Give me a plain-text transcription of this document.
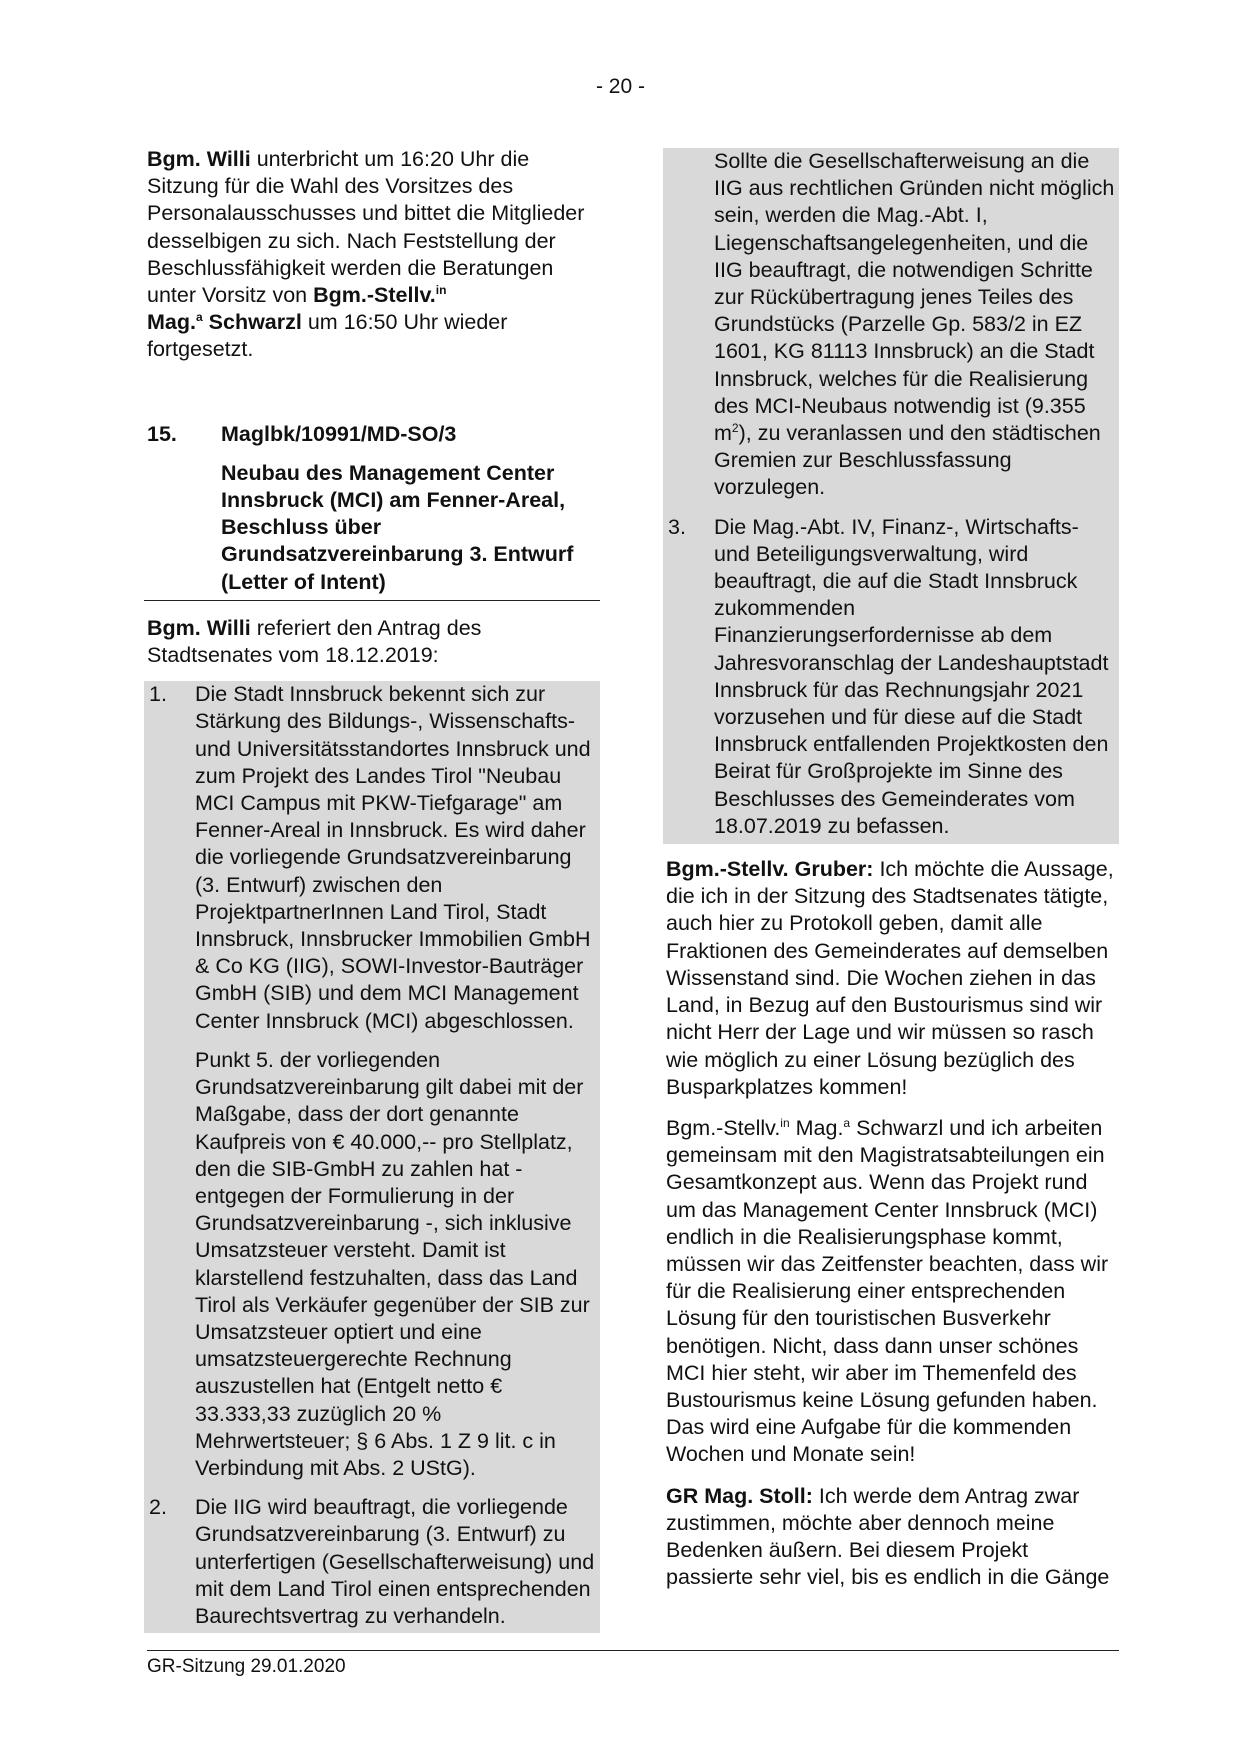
- 20 -

Bgm. Willi unterbricht um 16:20 Uhr die Sitzung für die Wahl des Vorsitzes des Personalausschusses und bittet die Mitglieder desselbigen zu sich. Nach Feststellung der Beschlussfähigkeit werden die Beratungen unter Vorsitz von Bgm.-Stellv.$^{in}$
Mag.$^a$ Schwarzl um 16:50 Uhr wieder fortgesetzt.

15. Maglbk/10991/MD-SO/3
Neubau des Management Center Innsbruck (MCI) am Fenner-Areal, Beschluss über Grundsatzvereinbarung 3. Entwurf (Letter of Intent)

Bgm. Willi referiert den Antrag des Stadtsenates vom 18.12.2019:

1. Die Stadt Innsbruck bekennt sich zur Stärkung des Bildungs-, Wissenschafts- und Universitätsstandortes Innsbruck und zum Projekt des Landes Tirol "Neubau MCI Campus mit PKW-Tiefgarage" am Fenner-Areal in Innsbruck. Es wird daher die vorliegende Grundsatzvereinbarung (3. Entwurf) zwischen den ProjektpartnerInnen Land Tirol, Stadt Innsbruck, Innsbrucker Immobilien GmbH & Co KG (IIG), SOWI-Investor-Bauträger GmbH (SIB) und dem MCI Management Center Innsbruck (MCI) abgeschlossen.

Punkt 5. der vorliegenden Grundsatzvereinbarung gilt dabei mit der Maßgabe, dass der dort genannte Kaufpreis von € 40.000,-- pro Stellplatz, den die SIB-GmbH zu zahlen hat - entgegen der Formulierung in der Grundsatzvereinbarung -, sich inklusive Umsatzsteuer versteht. Damit ist klarstellend festzuhalten, dass das Land Tirol als Verkäufer gegenüber der SIB zur Umsatzsteuer optiert und eine umsatzsteuergerechte Rechnung auszustellen hat (Entgelt netto € 33.333,33 zuzüglich 20 % Mehrwertsteuer; § 6 Abs. 1 Z 9 lit. c in Verbindung mit Abs. 2 UStG).

2. Die IIG wird beauftragt, die vorliegende Grundsatzvereinbarung (3. Entwurf) zu unterfertigen (Gesellschafterweisung) und mit dem Land Tirol einen entsprechenden Baurechtsvertrag zu verhandeln.

Sollte die Gesellschafterweisung an die IIG aus rechtlichen Gründen nicht möglich sein, werden die Mag.-Abt. I, Liegenschaftsangelegenheiten, und die IIG beauftragt, die notwendigen Schritte zur Rückübertragung jenes Teiles des Grundstücks (Parzelle Gp. 583/2 in EZ 1601, KG 81113 Innsbruck) an die Stadt Innsbruck, welches für die Realisierung des MCI-Neubaus notwendig ist (9.355 $m^2$), zu veranlassen und den städtischen Gremien zur Beschlussfassung vorzulegen.

3. Die Mag.-Abt. IV, Finanz-, Wirtschafts- und Beteiligungsverwaltung, wird beauftragt, die auf die Stadt Innsbruck zukommenden Finanzierungserfordernisse ab dem Jahresvoranschlag der Landeshauptstadt Innsbruck für das Rechnungsjahr 2021 vorzusehen und für diese auf die Stadt Innsbruck entfallenden Projektkosten den Beirat für Großprojekte im Sinne des Beschlusses des Gemeinderates vom 18.07.2019 zu befassen.

Bgm.-Stellv. Gruber: Ich möchte die Aussage, die ich in der Sitzung des Stadtsenates tätigte, auch hier zu Protokoll geben, damit alle Fraktionen des Gemeinderates auf demselben Wissenstand sind. Die Wochen ziehen in das Land, in Bezug auf den Bustourismus sind wir nicht Herr der Lage und wir müssen so rasch wie möglich zu einer Lösung bezüglich des Busparkplatzes kommen!

Bgm.-Stellv.$^{in}$ Mag.$^a$ Schwarzl und ich arbeiten gemeinsam mit den Magistratsabteilungen ein Gesamtkonzept aus. Wenn das Projekt rund um das Management Center Innsbruck (MCI) endlich in die Realisierungsphase kommt, müssen wir das Zeitfenster beachten, dass wir für die Realisierung einer entsprechenden Lösung für den touristischen Busverkehr benötigen. Nicht, dass dann unser schönes MCI hier steht, wir aber im Themenfeld des Bustourismus keine Lösung gefunden haben. Das wird eine Aufgabe für die kommenden Wochen und Monate sein!

GR Mag. Stoll: Ich werde dem Antrag zwar zustimmen, möchte aber dennoch meine Bedenken äußern. Bei diesem Projekt passierte sehr viel, bis es endlich in die Gänge

GR-Sitzung 29.01.2020
